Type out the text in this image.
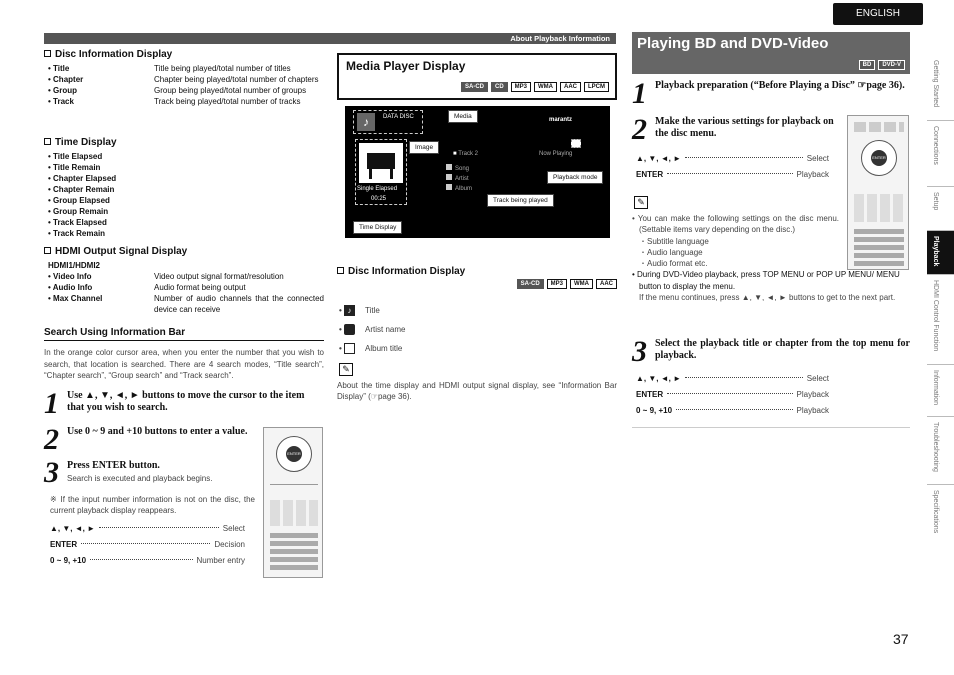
About Playback Information
ENGLISH
Getting Started
Connections
Setup
Playback
HDMI Control Function
Information
Troubleshooting
Specifications
Disc Information Display
• Title	Title being played/total number of titles
• Chapter	Chapter being played/total number of chapters
• Group	Group being played/total number of groups
• Track	Track being played/total number of tracks
Time Display
• Title Elapsed
• Title Remain
• Chapter Elapsed
• Chapter Remain
• Group Elapsed
• Group Remain
• Track Elapsed
• Track Remain
HDMI Output Signal Display
HDMI1/HDMI2
• Video Info	Video output signal format/resolution
• Audio Info	Audio format being output
• Max Channel	Number of audio channels that the connected device can receive
Search Using Information Bar
In the orange color cursor area, when you enter the number that you wish to search, that location is searched. There are 4 search modes, “Title search”, “Chapter search”, “Group search” and “Track search”.
1 Use ▲, ▼, ◄, ► buttons to move the cursor to the item that you wish to search.
2 Use 0 ~ 9 and +10 buttons to enter a value.
3 Press ENTER button.
Search is executed and playback begins.
※ If the input number information is not on the disc, the current playback display reappears.
▲, ▼, ◄, ►	Select
ENTER	Decision
0 ~ 9, +10	Number entry
ENTER
Media Player Display
SA-CD	CD	MP3	WMA	AAC	LPCM
♪	DATA DISC	marantz
Single Elapsed
00:25
■ Track 2	Now Playing
Song
Artist
Album
Media
Image
Playback mode
Track being played
Time Display
Disc Information Display
SA-CD	MP3	WMA	AAC
• ♪ Title
•	Artist name
•	Album title
✎
About the time display and HDMI output signal display, see “Information Bar Display” (☞page 36).
Playing BD and DVD-Video
BD	DVD-V
1 Playback preparation (“Before Playing a Disc” ☞page 36).
2 Make the various settings for playback on the disc menu.
▲, ▼, ◄, ►	Select
ENTER	Playback
ENTER
✎
• You can make the following settings on the disc menu. (Settable items vary depending on the disc.)
・Subtitle language
・Audio language
・Audio format etc.
• During DVD-Video playback, press TOP MENU or POP UP MENU/ MENU button to display the menu.
If the menu continues, press ▲, ▼, ◄, ► buttons to get to the next part.
3 Select the playback title or chapter from the top menu for playback.
▲, ▼, ◄, ►	Select
ENTER	Playback
0 ~ 9, +10	Playback
37
